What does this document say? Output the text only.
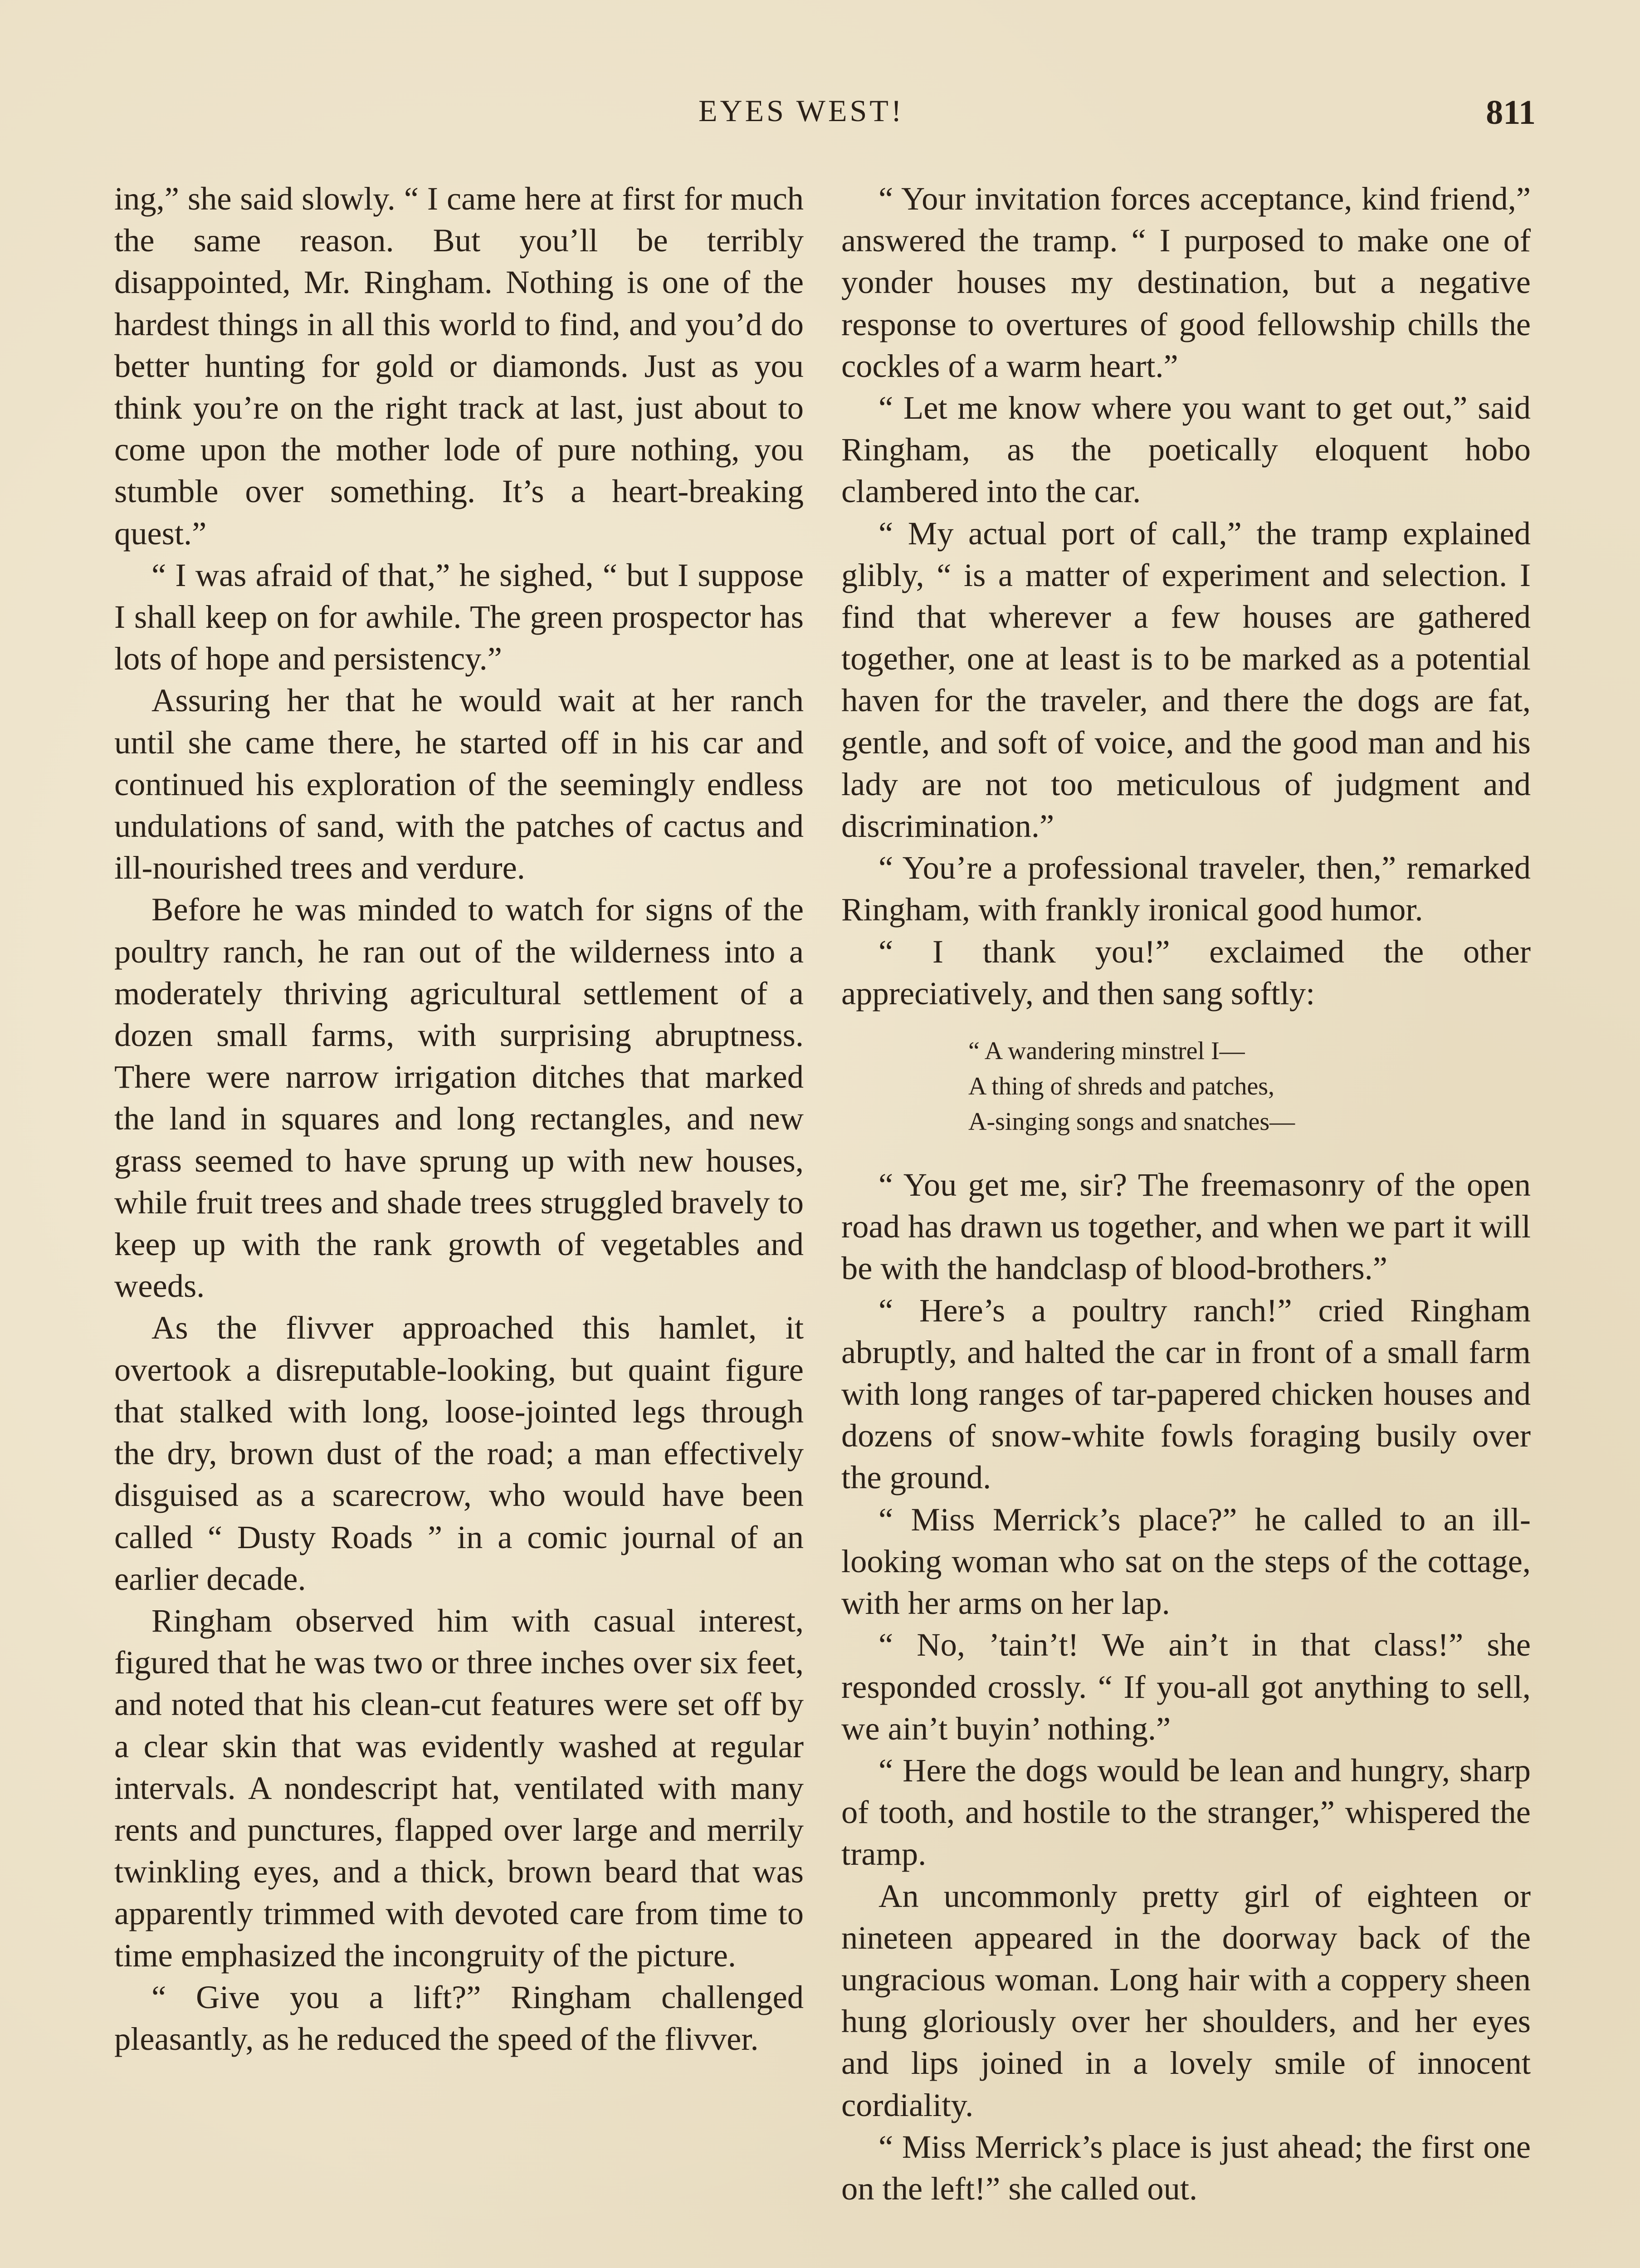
EYES WEST!	811

ing,” she said slowly. “ I came here at first for much the same reason. But you’ll be terribly disappointed, Mr. Ringham. Nothing is one of the hardest things in all this world to find, and you’d do better hunting for gold or diamonds. Just as you think you’re on the right track at last, just about to come upon the mother lode of pure nothing, you stumble over something. It’s a heart-breaking quest.”

“ I was afraid of that,” he sighed, “ but I suppose I shall keep on for awhile. The green prospector has lots of hope and persistency.”

Assuring her that he would wait at her ranch until she came there, he started off in his car and continued his exploration of the seemingly endless undulations of sand, with the patches of cactus and ill-nourished trees and verdure.

Before he was minded to watch for signs of the poultry ranch, he ran out of the wilderness into a moderately thriving agricultural settlement of a dozen small farms, with surprising abruptness. There were narrow irrigation ditches that marked the land in squares and long rectangles, and new grass seemed to have sprung up with new houses, while fruit trees and shade trees struggled bravely to keep up with the rank growth of vegetables and weeds.

As the flivver approached this hamlet, it overtook a disreputable-looking, but quaint figure that stalked with long, loose-jointed legs through the dry, brown dust of the road; a man effectively disguised as a scarecrow, who would have been called “ Dusty Roads ” in a comic journal of an earlier decade.

Ringham observed him with casual interest, figured that he was two or three inches over six feet, and noted that his clean-cut features were set off by a clear skin that was evidently washed at regular intervals. A nondescript hat, ventilated with many rents and punctures, flapped over large and merrily twinkling eyes, and a thick, brown beard that was apparently trimmed with devoted care from time to time emphasized the incongruity of the picture.

“ Give you a lift?” Ringham challenged pleasantly, as he reduced the speed of the flivver.

“ Your invitation forces acceptance, kind friend,” answered the tramp. “ I purposed to make one of yonder houses my destination, but a negative response to overtures of good fellowship chills the cockles of a warm heart.”

“ Let me know where you want to get out,” said Ringham, as the poetically eloquent hobo clambered into the car.

“ My actual port of call,” the tramp explained glibly, “ is a matter of experiment and selection. I find that wherever a few houses are gathered together, one at least is to be marked as a potential haven for the traveler, and there the dogs are fat, gentle, and soft of voice, and the good man and his lady are not too meticulous of judgment and discrimination.”

“ You’re a professional traveler, then,” remarked Ringham, with frankly ironical good humor.

“ I thank you!” exclaimed the other appreciatively, and then sang softly:

“ A wandering minstrel I—
A thing of shreds and patches,
A-singing songs and snatches—

“ You get me, sir? The freemasonry of the open road has drawn us together, and when we part it will be with the handclasp of blood-brothers.”

“ Here’s a poultry ranch!” cried Ringham abruptly, and halted the car in front of a small farm with long ranges of tar-papered chicken houses and dozens of snow-white fowls foraging busily over the ground.

“ Miss Merrick’s place?” he called to an ill-looking woman who sat on the steps of the cottage, with her arms on her lap.

“ No, ’tain’t! We ain’t in that class!” she responded crossly. “ If you-all got anything to sell, we ain’t buyin’ nothing.”

“ Here the dogs would be lean and hungry, sharp of tooth, and hostile to the stranger,” whispered the tramp.

An uncommonly pretty girl of eighteen or nineteen appeared in the doorway back of the ungracious woman. Long hair with a coppery sheen hung gloriously over her shoulders, and her eyes and lips joined in a lovely smile of innocent cordiality.

“ Miss Merrick’s place is just ahead; the first one on the left!” she called out.
